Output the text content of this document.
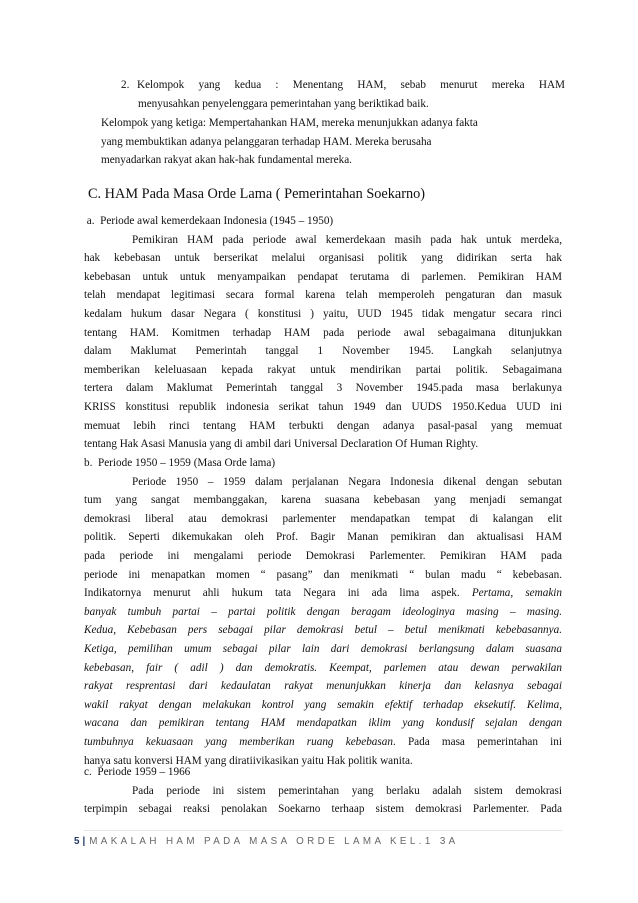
2. Kelompok yang kedua : Menentang HAM, sebab menurut mereka HAM
menyusahkan penyelenggara pemerintahan yang beriktikad baik.
Kelompok yang ketiga: Mempertahankan HAM, mereka menunjukkan adanya fakta
yang membuktikan adanya pelanggaran terhadap HAM. Mereka berusaha
menyadarkan rakyat akan hak-hak fundamental mereka.
C. HAM Pada Masa Orde Lama ( Pemerintahan Soekarno)
a.  Periode awal kemerdekaan Indonesia (1945 – 1950)
Pemikiran HAM pada periode awal kemerdekaan masih pada hak untuk merdeka,
hak kebebasan untuk berserikat melalui organisasi politik yang didirikan serta hak
kebebasan untuk untuk menyampaikan pendapat terutama di parlemen. Pemikiran HAM
telah mendapat legitimasi secara formal karena telah memperoleh pengaturan dan masuk
kedalam hukum dasar Negara ( konstitusi ) yaitu, UUD 1945 tidak mengatur secara rinci
tentang HAM. Komitmen terhadap HAM pada periode awal sebagaimana ditunjukkan
dalam Maklumat Pemerintah tanggal 1 November 1945. Langkah selanjutnya
memberikan keleluasaan kepada rakyat untuk mendirikan partai politik. Sebagaimana
tertera dalam Maklumat Pemerintah tanggal 3 November 1945.pada masa berlakunya
KRISS konstitusi republik indonesia serikat tahun 1949 dan UUDS 1950.Kedua UUD ini
memuat lebih rinci tentang HAM terbukti dengan adanya pasal-pasal yang memuat
tentang Hak Asasi Manusia yang di ambil dari Universal Declaration Of Human Righty.
b.  Periode 1950 – 1959 (Masa Orde lama)
Periode 1950 – 1959 dalam perjalanan Negara Indonesia dikenal dengan sebutan
tum yang sangat membanggakan, karena suasana kebebasan yang menjadi semangat
demokrasi liberal atau demokrasi parlementer mendapatkan tempat di kalangan elit
politik. Seperti dikemukakan oleh Prof. Bagir Manan pemikiran dan aktualisasi HAM
pada periode ini mengalami periode Demokrasi Parlementer. Pemikiran HAM pada
periode ini menapatkan momen “ pasang” dan menikmati “ bulan madu “ kebebasan.
Indikatornya menurut ahli hukum tata Negara ini ada lima aspek. Pertama, semakin
banyak tumbuh partai – partai politik dengan beragam ideologinya masing – masing.
Kedua, Kebebasan pers sebagai pilar demokrasi betul – betul menikmati kebebasannya.
Ketiga, pemilihan umum sebagai pilar lain dari demokrasi berlangsung dalam suasana
kebebasan, fair ( adil ) dan demokratis. Keempat, parlemen atau dewan perwakilan
rakyat resprentasi dari kedaulatan rakyat menunjukkan kinerja dan kelasnya sebagai
wakil rakyat dengan melakukan kontrol yang semakin efektif terhadap eksekutif. Kelima,
wacana dan pemikiran tentang HAM mendapatkan iklim yang kondusif sejalan dengan
tumbuhnya kekuasaan yang memberikan ruang kebebasan. Pada masa pemerintahan ini
hanya satu konversi HAM yang diratiivikasikan yaitu Hak politik wanita.
c.  Periode 1959 – 1966
Pada periode ini sistem pemerintahan yang berlaku adalah sistem demokrasi
terpimpin sebagai reaksi penolakan Soekarno terhaap sistem demokrasi Parlementer. Pada
5 | MAKALAH HAM PADA MASA ORDE LAMA KEL.1 3A
